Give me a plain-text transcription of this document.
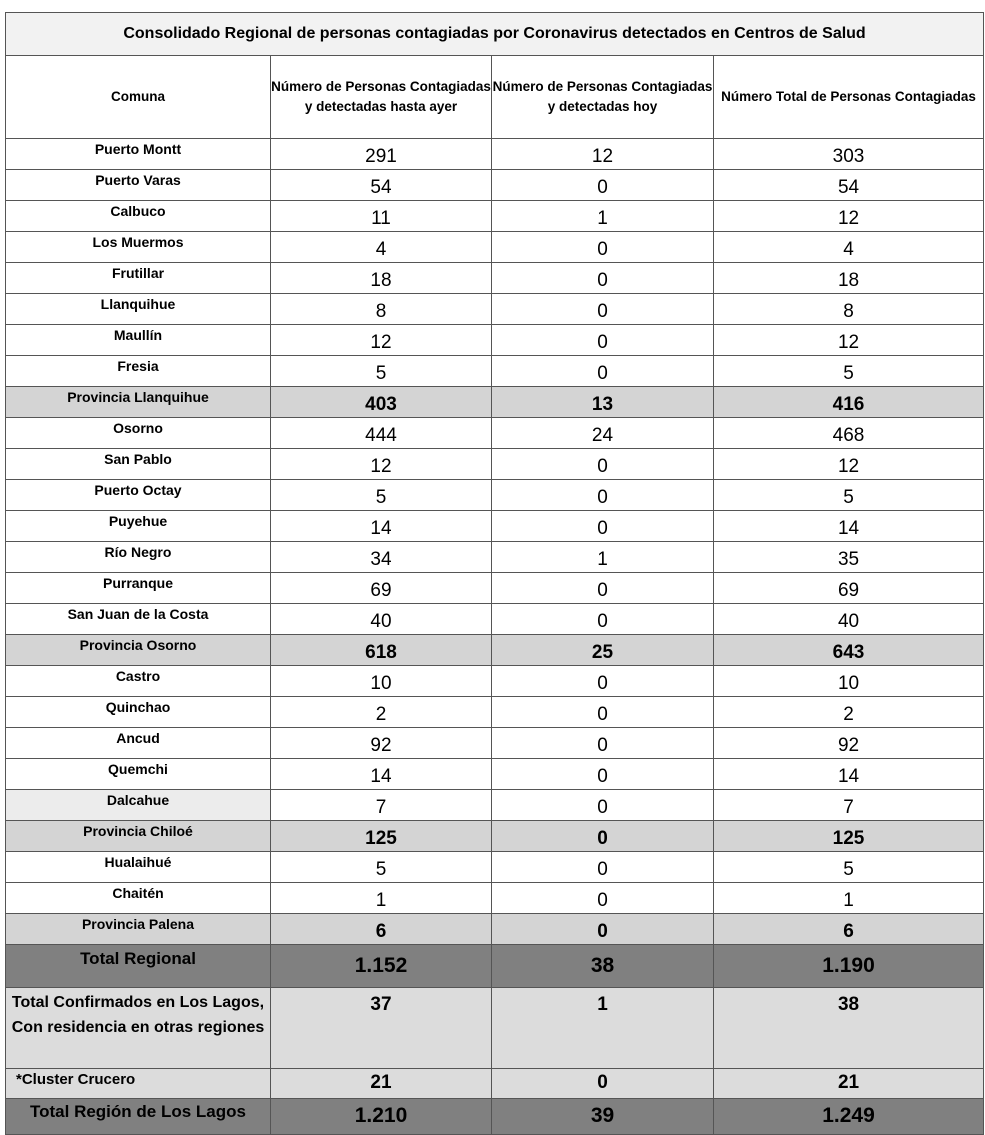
Consolidado Regional de personas contagiadas por Coronavirus detectados en Centros de Salud			
Comuna	Número de Personas Contagiadas y detectadas hasta ayer	Número de Personas Contagiadas y detectadas hoy	Número Total de Personas Contagiadas
Puerto Montt	291	12	303
Puerto Varas	54	0	54
Calbuco	11	1	12
Los Muermos	4	0	4
Frutillar	18	0	18
Llanquihue	8	0	8
Maullín	12	0	12
Fresia	5	0	5
Provincia Llanquihue	403	13	416
Osorno	444	24	468
San Pablo	12	0	12
Puerto Octay	5	0	5
Puyehue	14	0	14
Río Negro	34	1	35
Purranque	69	0	69
San Juan de la Costa	40	0	40
Provincia Osorno	618	25	643
Castro	10	0	10
Quinchao	2	0	2
Ancud	92	0	92
Quemchi	14	0	14
Dalcahue	7	0	7
Provincia Chiloé	125	0	125
Hualaihué	5	0	5
Chaitén	1	0	1
Provincia Palena	6	0	6
Total Regional	1.152	38	1.190
Total Confirmados en Los Lagos, Con residencia en otras regiones	37	1	38
*Cluster Crucero	21	0	21
Total Región de Los Lagos	1.210	39	1.249
